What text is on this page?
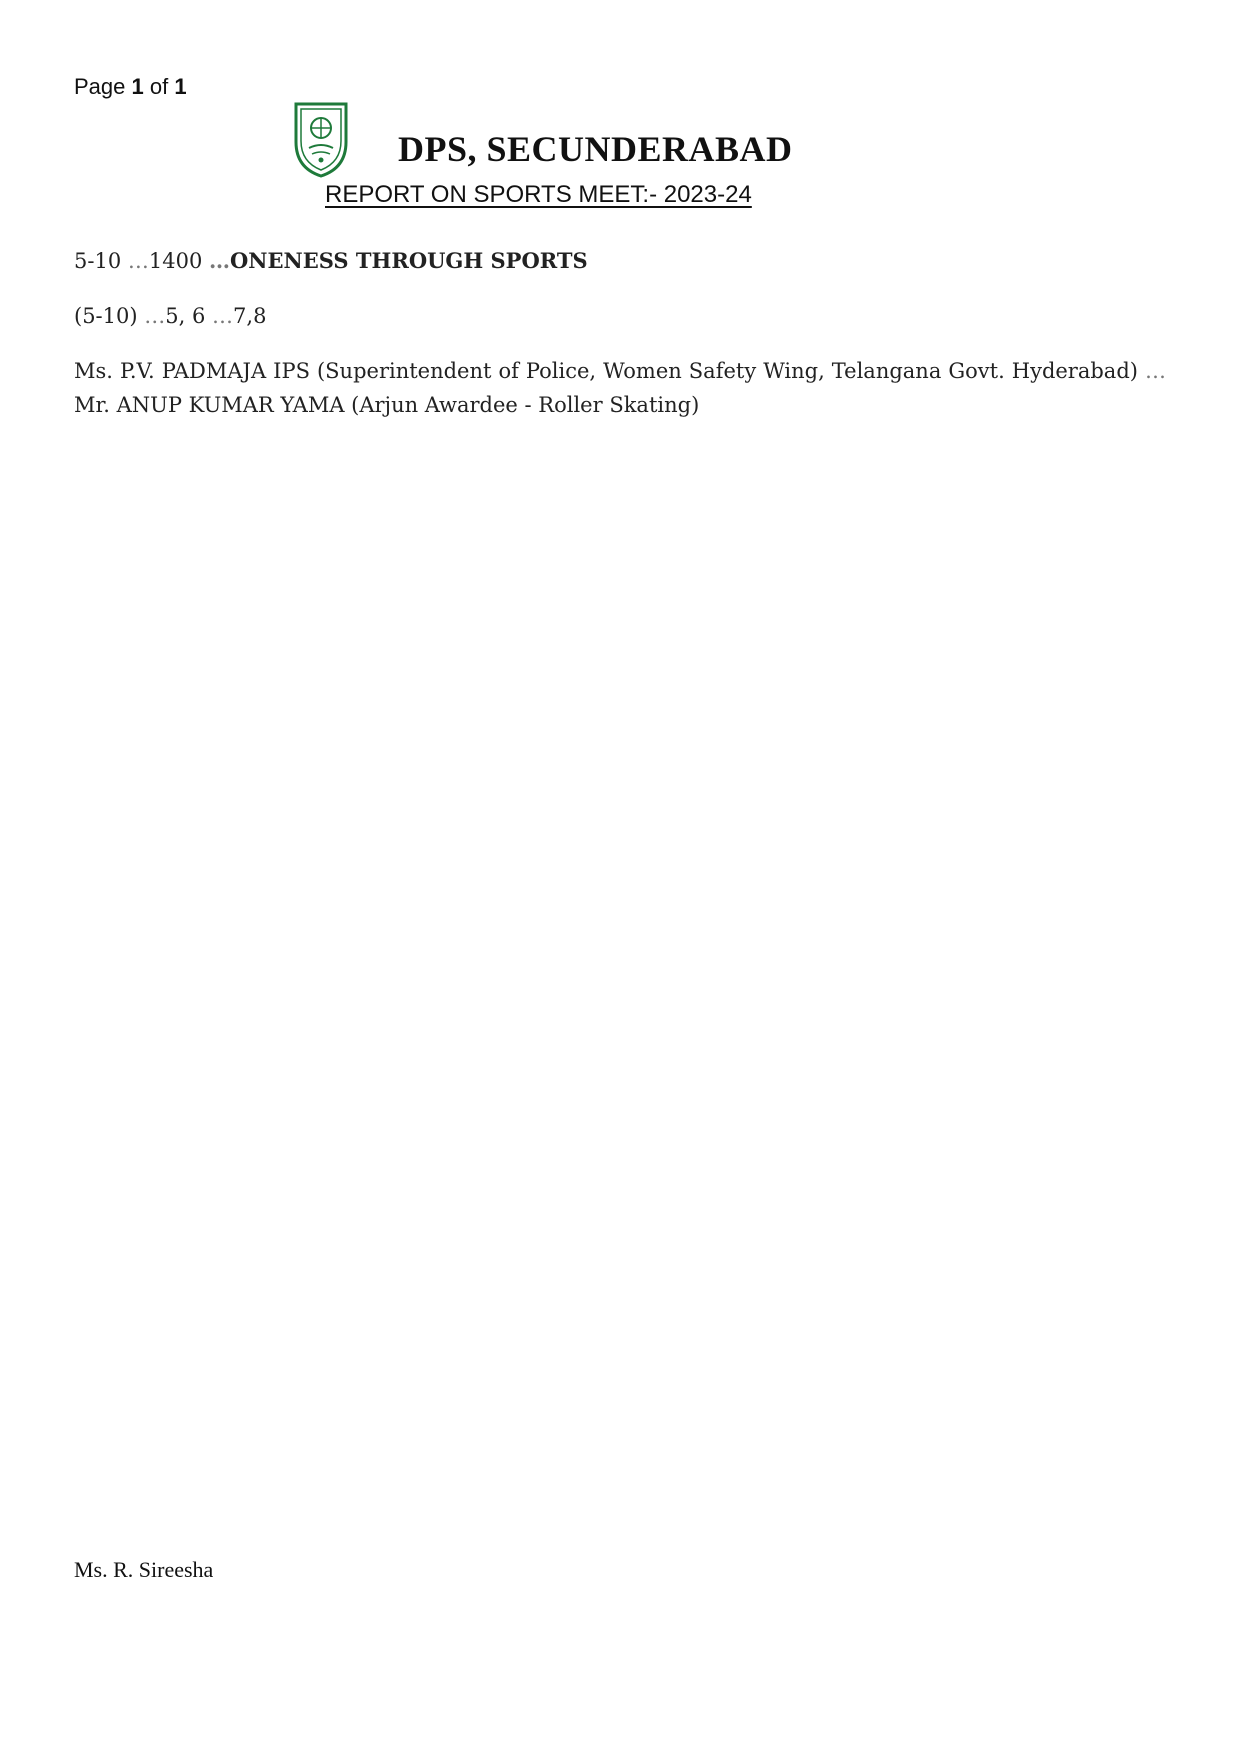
Page 1 of 1
DPS, SECUNDERABAD
REPORT ON SPORTS MEET:- 2023-24
5-10 … 1400 … ONENESS THROUGH SPORTS
(5-10) … 5, 6 … 7,8
Ms. P.V. PADMAJA IPS (Superintendent of Police, Women Safety Wing, Telangana Govt. Hyderabad)  … Mr. ANUP KUMAR YAMA (Arjun Awardee - Roller Skating)
Ms. R. Sireesha
